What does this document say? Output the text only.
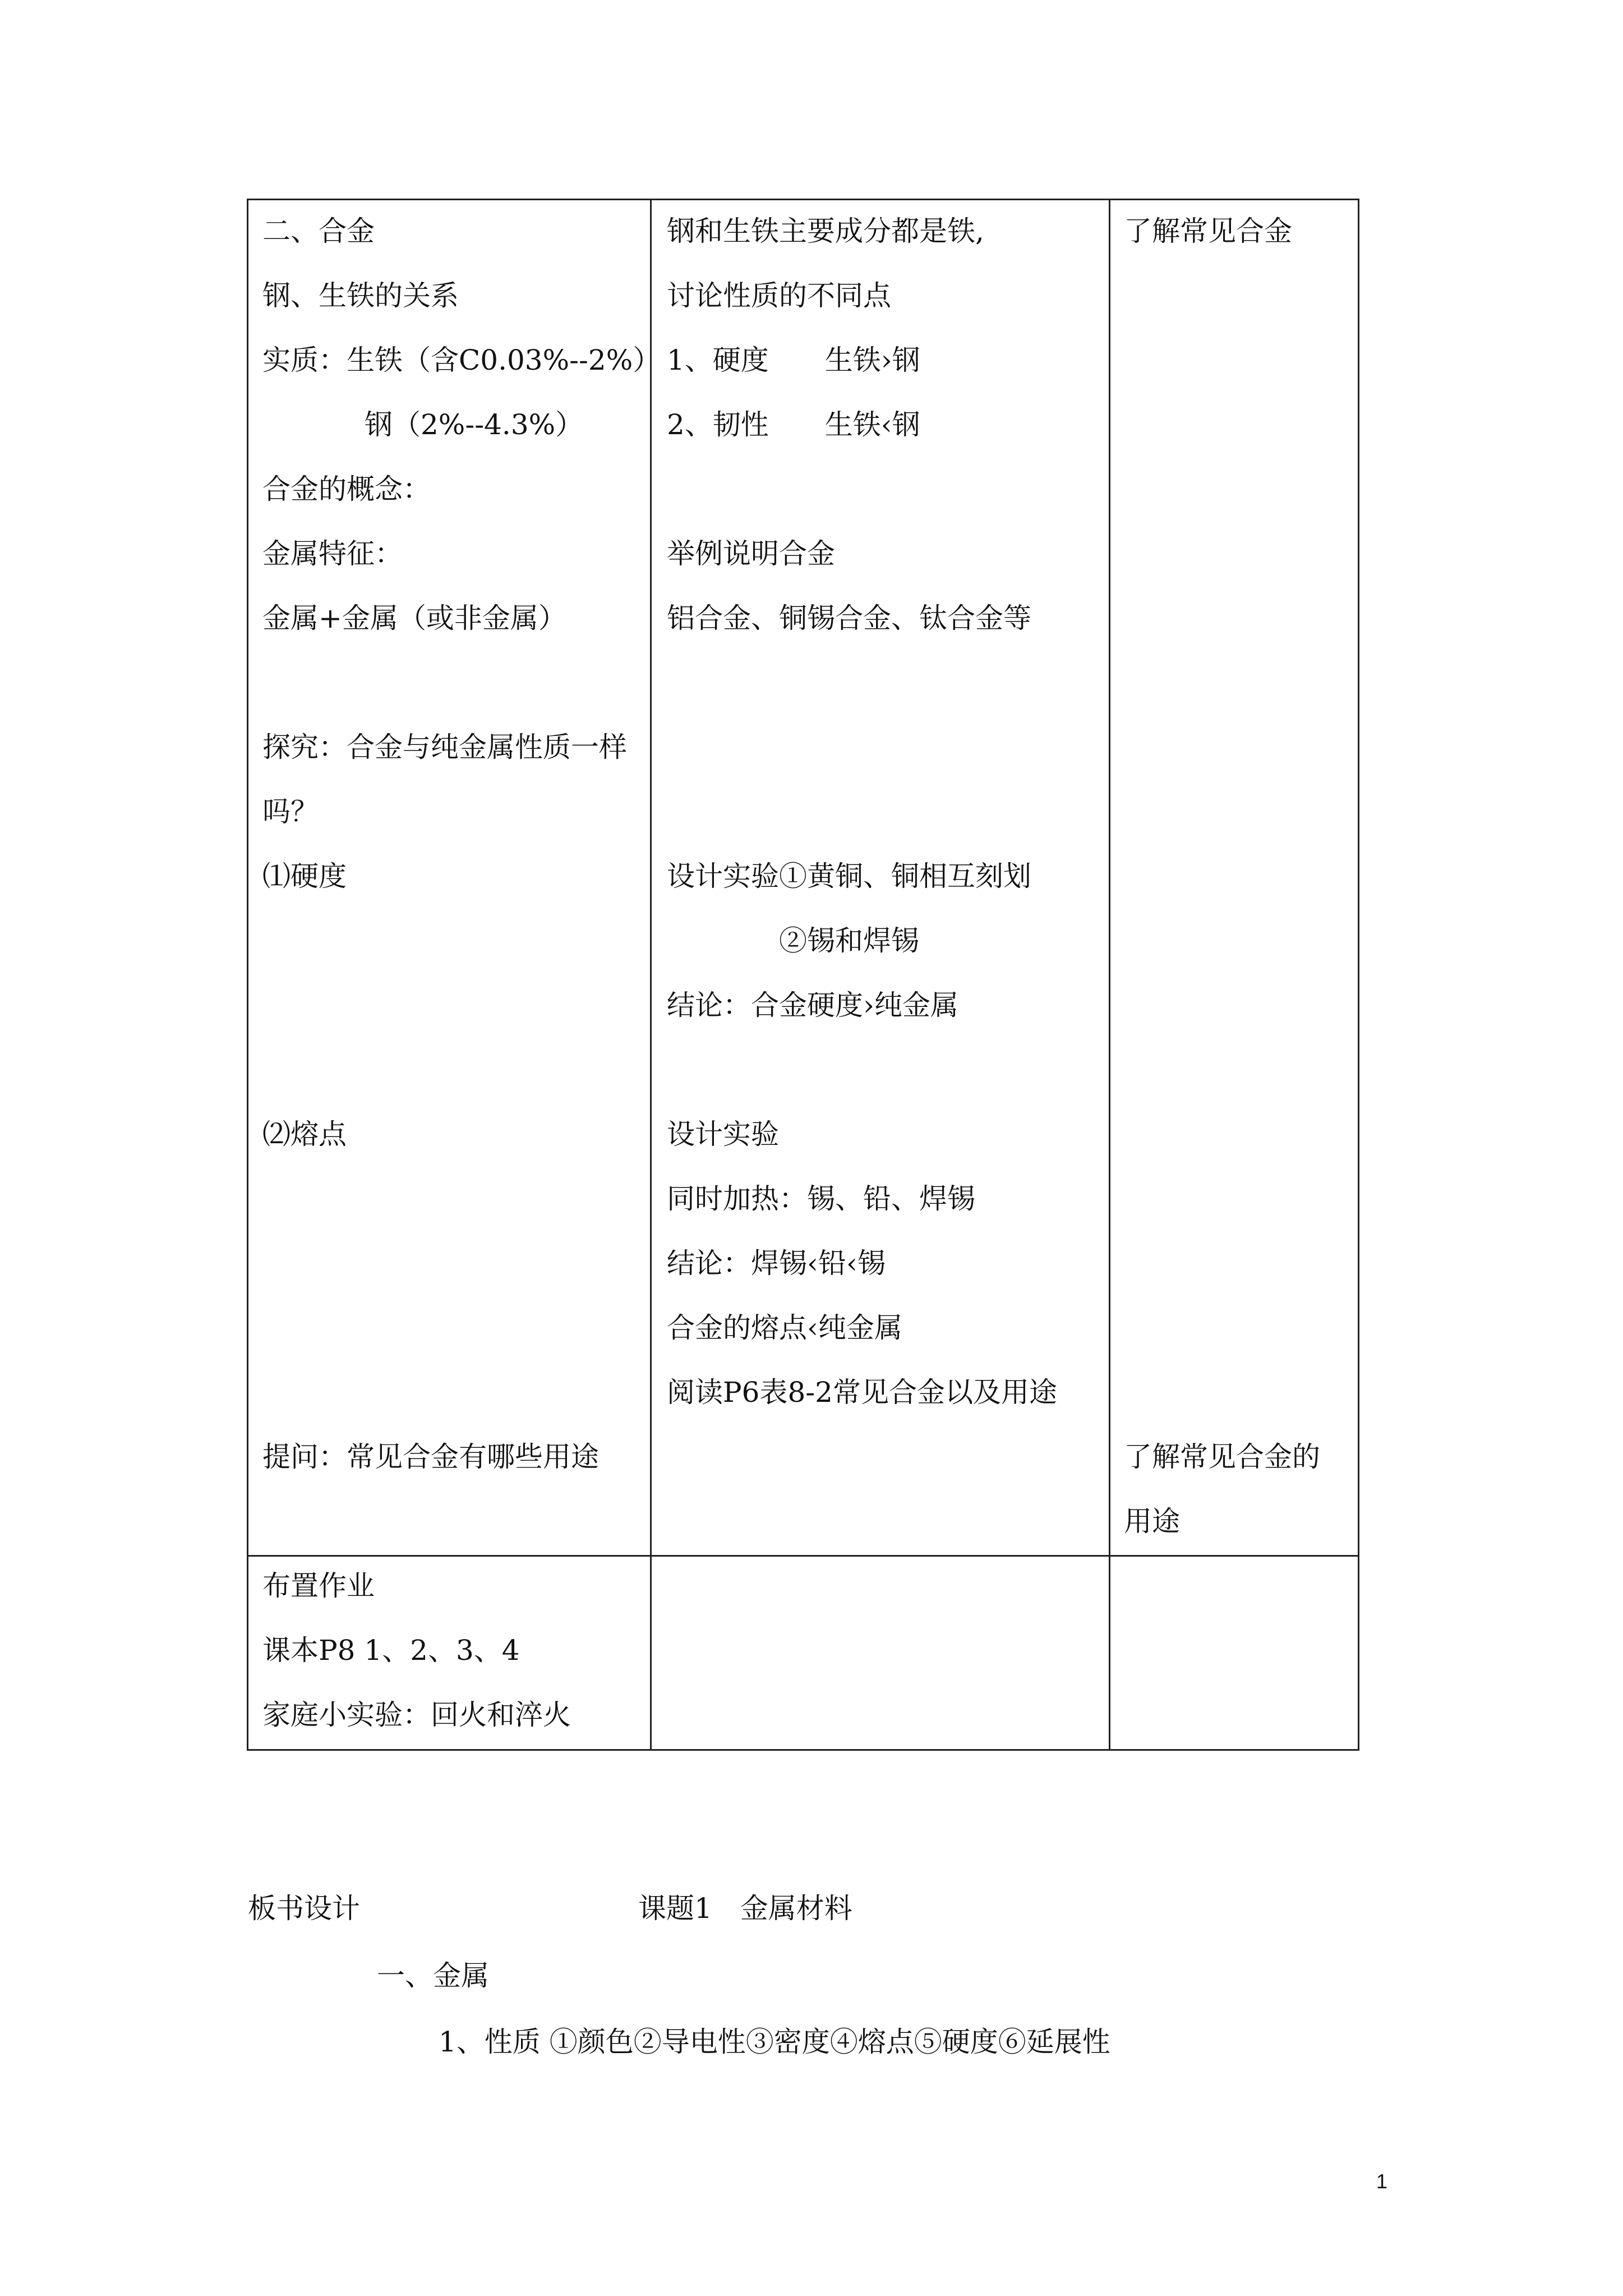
二、合金
钢、生铁的关系
实质：生铁（含C0.03%--2%）
钢（2%--4.3%）
合金的概念：
金属特征：
金属+金属（或非金属）
探究：合金与纯金属性质一样
吗？
⑴硬度
⑵熔点
提问：常见合金有哪些用途
钢和生铁主要成分都是铁,
讨论性质的不同点
1、硬度　　生铁›钢
2、韧性　　生铁‹钢
举例说明合金
铝合金、铜锡合金、钛合金等
设计实验①黄铜、铜相互刻划
②锡和焊锡
结论：合金硬度›纯金属
设计实验
同时加热：锡、铅、焊锡
结论：焊锡‹铅‹锡
合金的熔点‹纯金属
阅读P6表8-2常见合金以及用途
了解常见合金
了解常见合金的
用途
布置作业
课本P8 1、2、3、4
家庭小实验：回火和淬火
板书设计	课题1　金属材料
一、金属
1、性质 ①颜色②导电性③密度④熔点⑤硬度⑥延展性
1
